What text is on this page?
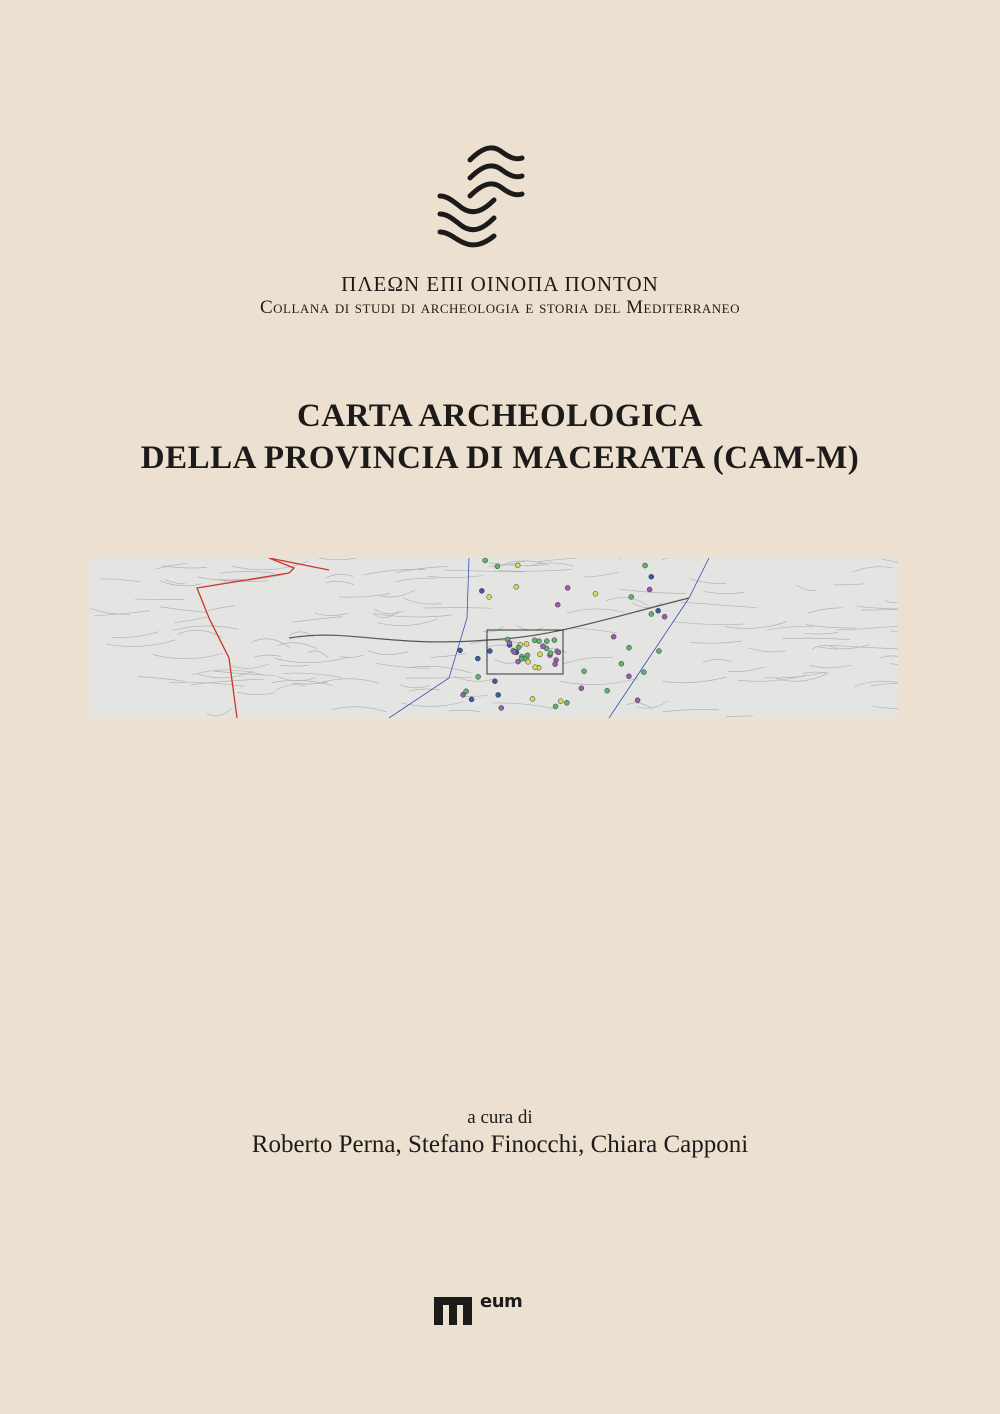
ΠΛΕΩΝ ΕΠΙ ΟΙΝΟΠΑ ΠΟΝΤΟΝ
Collana di studi di archeologia e storia del Mediterraneo
CARTA ARCHEOLOGICA
DELLA PROVINCIA DI MACERATA (CAM-M)
a cura di
Roberto Perna, Stefano Finocchi, Chiara Capponi
eum
